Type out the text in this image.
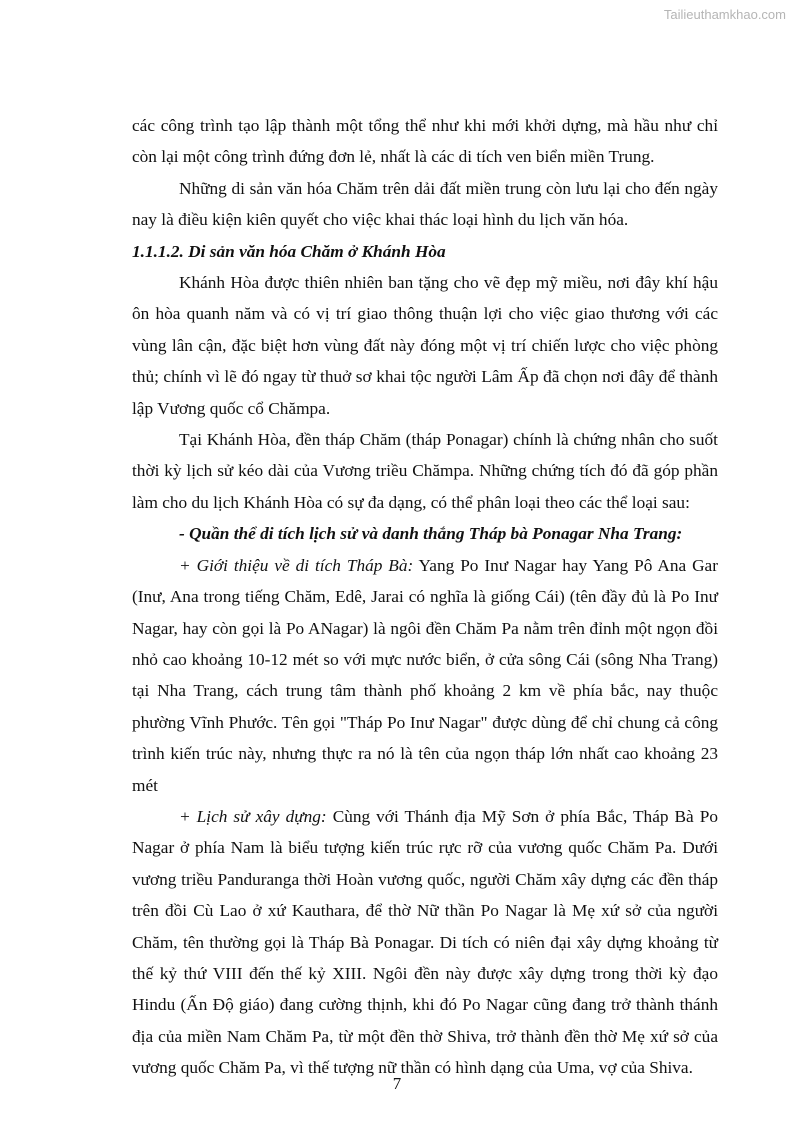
Tailieuthamkhao.com

các công trình tạo lập thành một tổng thể như khi mới khởi dựng, mà hầu như chỉ còn lại một công trình đứng đơn lẻ, nhất là các di tích ven biển miền Trung.

Những di sản văn hóa Chăm trên dải đất miền trung còn lưu lại cho đến ngày nay là điều kiện kiên quyết cho việc khai thác loại hình du lịch văn hóa.

1.1.1.2. Di sản văn hóa Chăm ở Khánh Hòa

Khánh Hòa được thiên nhiên ban tặng cho vẽ đẹp mỹ miều, nơi đây khí hậu ôn hòa quanh năm và có vị trí giao thông thuận lợi cho việc giao thương với các vùng lân cận, đặc biệt hơn vùng đất này đóng một vị trí chiến lược cho việc phòng thủ; chính vì lẽ đó ngay từ thuở sơ khai tộc người Lâm Ấp đã chọn nơi đây để thành lập Vương quốc cổ Chămpa.

Tại Khánh Hòa, đền tháp Chăm (tháp Ponagar) chính là chứng nhân cho suốt thời kỳ lịch sử kéo dài của Vương triều Chămpa. Những chứng tích đó đã góp phần làm cho du lịch Khánh Hòa có sự đa dạng, có thể phân loại theo các thể loại sau:

- Quần thể di tích lịch sử và danh thắng Tháp bà Ponagar Nha Trang:

+ Giới thiệu về di tích Tháp Bà: Yang Po Inư Nagar hay Yang Pô Ana Gar (Inư, Ana trong tiếng Chăm, Edê, Jarai có nghĩa là giống Cái) (tên đầy đủ là Po Inư Nagar, hay còn gọi là Po ANagar) là ngôi đền Chăm Pa nằm trên đỉnh một ngọn đồi nhỏ cao khoảng 10-12 mét so với mực nước biển, ở cửa sông Cái (sông Nha Trang) tại Nha Trang, cách trung tâm thành phố khoảng 2 km về phía bắc, nay thuộc phường Vĩnh Phước. Tên gọi "Tháp Po Inư Nagar" được dùng để chỉ chung cả công trình kiến trúc này, nhưng thực ra nó là tên của ngọn tháp lớn nhất cao khoảng 23 mét

+ Lịch sử xây dựng: Cùng với Thánh địa Mỹ Sơn ở phía Bắc, Tháp Bà Po Nagar ở phía Nam là biểu tượng kiến trúc rực rỡ của vương quốc Chăm Pa. Dưới vương triều Panduranga thời Hoàn vương quốc, người Chăm xây dựng các đền tháp trên đồi Cù Lao ở xứ Kauthara, để thờ Nữ thần Po Nagar là Mẹ xứ sở của người Chăm, tên thường gọi là Tháp Bà Ponagar. Di tích có niên đại xây dựng khoảng từ thế kỷ thứ VIII đến thế kỷ XIII. Ngôi đền này được xây dựng trong thời kỳ đạo Hindu (Ấn Độ giáo) đang cường thịnh, khi đó Po Nagar cũng đang trở thành thánh địa của miền Nam Chăm Pa, từ một đền thờ Shiva, trở thành đền thờ Mẹ xứ sở của vương quốc Chăm Pa, vì thế tượng nữ thần có hình dạng của Uma, vợ của Shiva.

7
